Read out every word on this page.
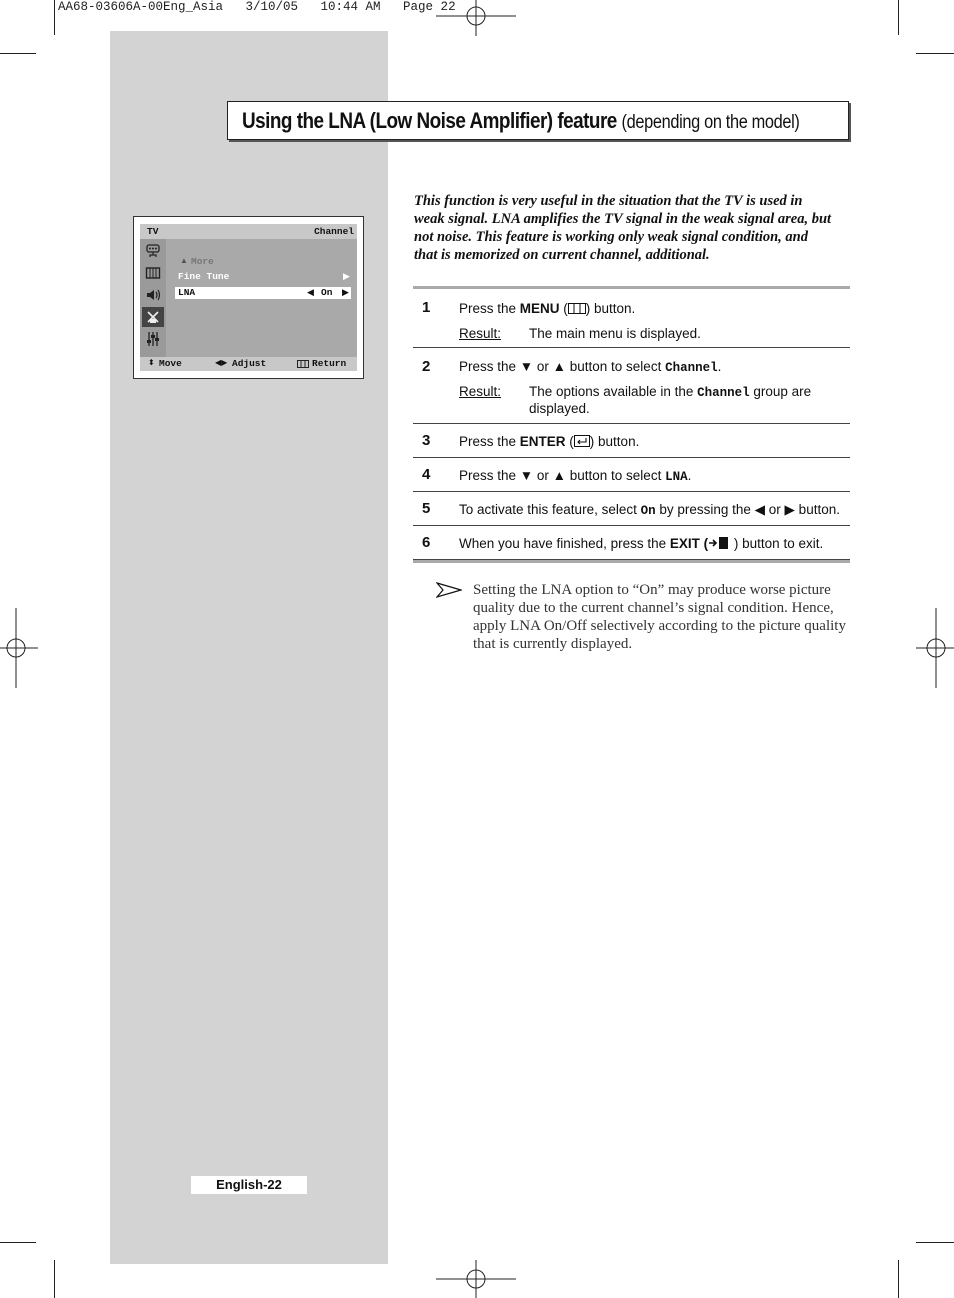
AA68-03606A-00Eng_Asia   3/10/05   10:44 AM   Page 22
Using the LNA (Low Noise Amplifier) feature (depending on the model)
TV	Channel
▲ More
Fine Tune	▶
LNA	◀ On ▶
⬍ Move	◀▶ Adjust	Return
This function is very useful in the situation that the TV is used in weak signal. LNA amplifies the TV signal in the weak signal area, but not noise. This feature is working only weak signal condition, and that is memorized on current channel, additional.
1 Press the MENU ( ) button.
Result: The main menu is displayed.
2 Press the ▼ or ▲ button to select Channel.
Result: The options available in the Channel group are displayed.
3 Press the ENTER ( ) button.
4 Press the ▼ or ▲ button to select LNA.
5 To activate this feature, select On by pressing the ◀ or ▶ button.
6 When you have finished, press the EXIT ( ) button to exit.
Setting the LNA option to “On” may produce worse picture quality due to the current channel’s signal condition. Hence, apply LNA On/Off selectively according to the picture quality that is currently displayed.
English-22
